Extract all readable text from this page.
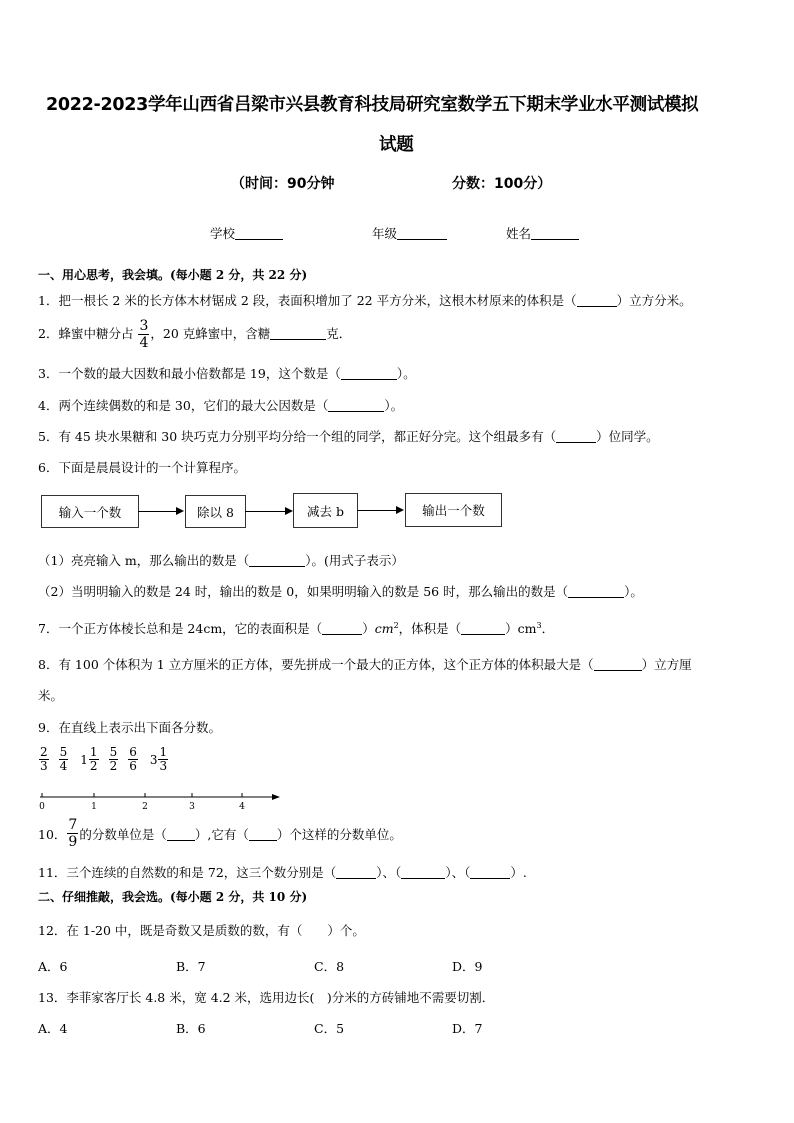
2022-2023学年山西省吕梁市兴县教育科技局研究室数学五下期末学业水平测试模拟
试题
（时间：90分钟	分数：100分）
学校	年级	姓名
一、用心思考，我会填。(每小题 2 分，共 22 分)
1．把一根长 2 米的长方体木材锯成 2 段，表面积增加了 22 平方分米，这根木材原来的体积是（	）立方分米。
2．蜂蜜中糖分占 $\frac{3}{4}$ ，20 克蜂蜜中，含糖	克．
3．一个数的最大因数和最小倍数都是 19，这个数是（	）。
4．两个连续偶数的和是 30，它们的最大公因数是（	）。
5．有 45 块水果糖和 30 块巧克力分别平均分给一个组的同学，都正好分完。这个组最多有（	）位同学。
6．下面是晨晨设计的一个计算程序。
输入一个数	除以 8	减去 b	输出一个数
（1）亮亮输入 m，那么输出的数是（	）。(用式子表示）
（2）当明明输入的数是 24 时，输出的数是 0，如果明明输入的数是 56 时，那么输出的数是（	）。
7．一个正方体棱长总和是 24cm，它的表面积是（	）$cm^2$，体积是（	）$cm^3$．
8．有 100 个体积为 1 立方厘米的正方体，要先拼成一个最大的正方体，这个正方体的体积最大是（	）立方厘
米。
9．在直线上表示出下面各分数。
$\frac{2}{3} \frac{5}{4} 1 \frac{1}{2} \frac{5}{2} \frac{6}{6} 3 \frac{1}{3}$
0	1	2	3	4
10． $\frac{7}{9}$ 的分数单位是（ ）,它有（ ）个这样的分数单位。
11．三个连续的自然数的和是 72，这三个数分别是（	）、（	）、（	）.
二、仔细推敲，我会选。(每小题 2 分，共 10 分)
12．在 1-20 中，既是奇数又是质数的数，有（　　）个。
A．6	B．7	C．8	D．9
13．李菲家客厅长 4.8 米，宽 4.2 米，选用边长(　)分米的方砖铺地不需要切割．
A．4	B．6	C．5	D．7
